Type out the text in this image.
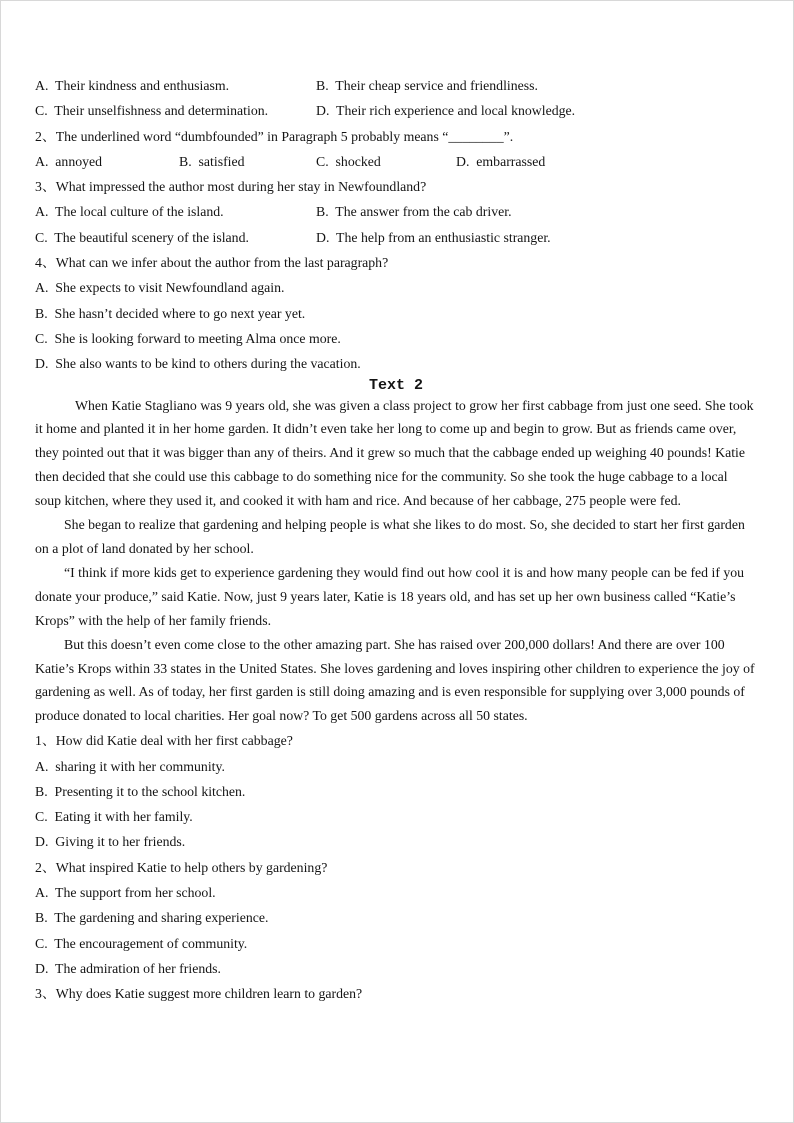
A.  Their kindness and enthusiasm.

	B.  Their cheap service and friendliness.

C.  Their unselfishness and determination.

	D.  Their rich experience and local knowledge.

2、The underlined word “dumbfounded” in Paragraph 5 probably means “________”.

A.  annoyed

	B.  satisfied

	C.  shocked

	D.  embarrassed

3、What impressed the author most during her stay in Newfoundland?

A.  The local culture of the island.

	B.  The answer from the cab driver.

C.  The beautiful scenery of the island.

	D.  The help from an enthusiastic stranger.

4、What can we infer about the author from the last paragraph?
A.  She expects to visit Newfoundland again.
B.  She hasn’t decided where to go next year yet.
C.  She is looking forward to meeting Alma once more.
D.  She also wants to be kind to others during the vacation.
Text 2

When Katie Stagliano was 9 years old, she was given a class project to grow her first cabbage from just one seed. She took it home and planted it in her home garden. It didn’t even take her long to come up and begin to grow. But as friends came over, they pointed out that it was bigger than any of theirs. And it grew so much that the cabbage ended up weighing 40 pounds! Katie then decided that she could use this cabbage to do something nice for the community. So she took the huge cabbage to a local soup kitchen, where they used it, and cooked it with ham and rice. And because of her cabbage, 275 people were fed.

She began to realize that gardening and helping people is what she likes to do most. So, she decided to start her first garden on a plot of land donated by her school.

“I think if more kids get to experience gardening they would find out how cool it is and how many people can be fed if you donate your produce,” said Katie. Now, just 9 years later, Katie is 18 years old, and has set up her own business called “Katie’s Krops” with the help of her family friends.

But this doesn’t even come close to the other amazing part. She has raised over 200,000 dollars! And there are over 100 Katie’s Krops within 33 states in the United States. She loves gardening and loves inspiring other children to experience the joy of gardening as well. As of today, her first garden is still doing amazing and is even responsible for supplying over 3,000 pounds of produce donated to local charities. Her goal now? To get 500 gardens across all 50 states.

1、How did Katie deal with her first cabbage?
A.  sharing it with her community.
B.  Presenting it to the school kitchen.
C.  Eating it with her family.
D.  Giving it to her friends.
2、What inspired Katie to help others by gardening?
A.  The support from her school.
B.  The gardening and sharing experience.
C.  The encouragement of community.
D.  The admiration of her friends.
3、Why does Katie suggest more children learn to garden?
